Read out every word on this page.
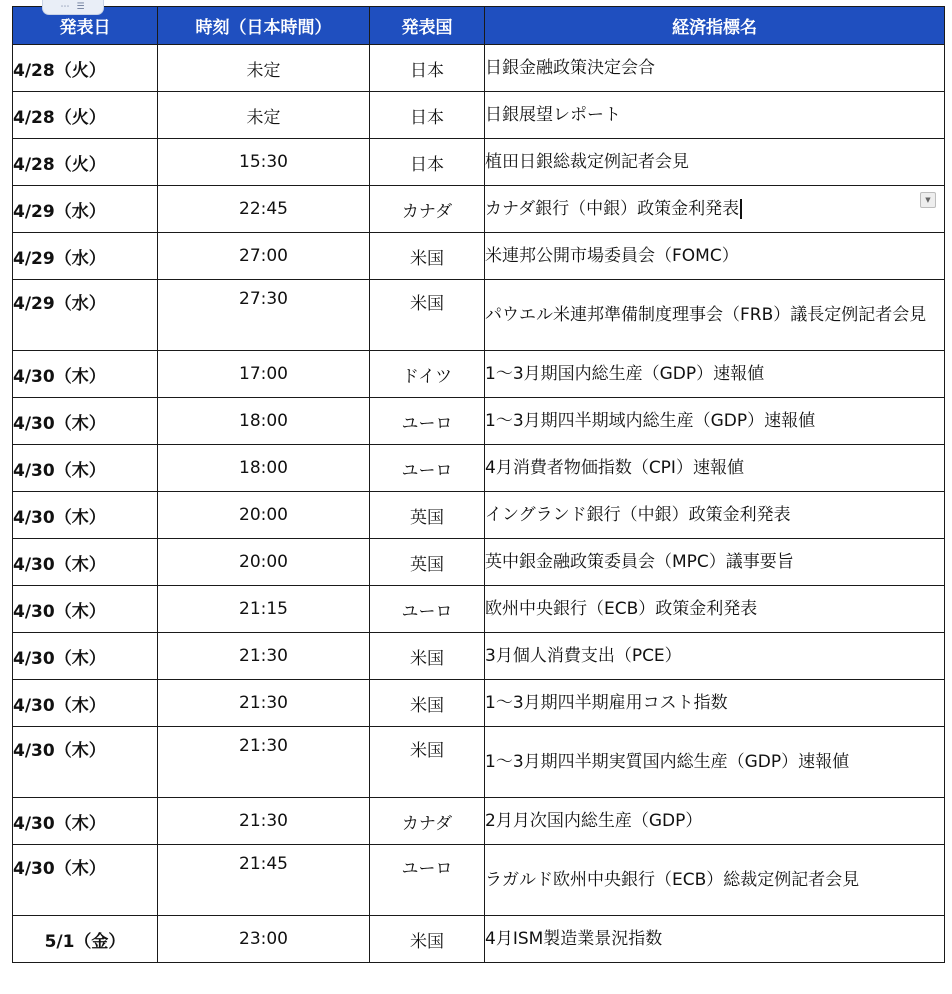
⋯ ☰
発表日	時刻（日本時間）	発表国	経済指標名
4/28（火）	未定	日本	日銀金融政策決定会合
4/28（火）	未定	日本	日銀展望レポート
4/28（火）	15:30	日本	植田日銀総裁定例記者会見
4/29（水）	22:45	カナダ	カナダ銀行（中銀）政策金利発表 ▼

4/29（水）	27:00	米国	米連邦公開市場委員会（FOMC）
4/29（水）	27:30	米国	パウエル米連邦準備制度理事会（FRB）議長定例記者会見
4/30（木）	17:00	ドイツ	1～3月期国内総生産（GDP）速報値
4/30（木）	18:00	ユーロ	1～3月期四半期域内総生産（GDP）速報値
4/30（木）	18:00	ユーロ	4月消費者物価指数（CPI）速報値
4/30（木）	20:00	英国	イングランド銀行（中銀）政策金利発表
4/30（木）	20:00	英国	英中銀金融政策委員会（MPC）議事要旨
4/30（木）	21:15	ユーロ	欧州中央銀行（ECB）政策金利発表
4/30（木）	21:30	米国	3月個人消費支出（PCE）
4/30（木）	21:30	米国	1～3月期四半期雇用コスト指数
4/30（木）	21:30	米国	1～3月期四半期実質国内総生産（GDP）速報値
4/30（木）	21:30	カナダ	2月月次国内総生産（GDP）
4/30（木）	21:45	ユーロ	ラガルド欧州中央銀行（ECB）総裁定例記者会見
5/1（金）	23:00	米国	4月ISM製造業景況指数
